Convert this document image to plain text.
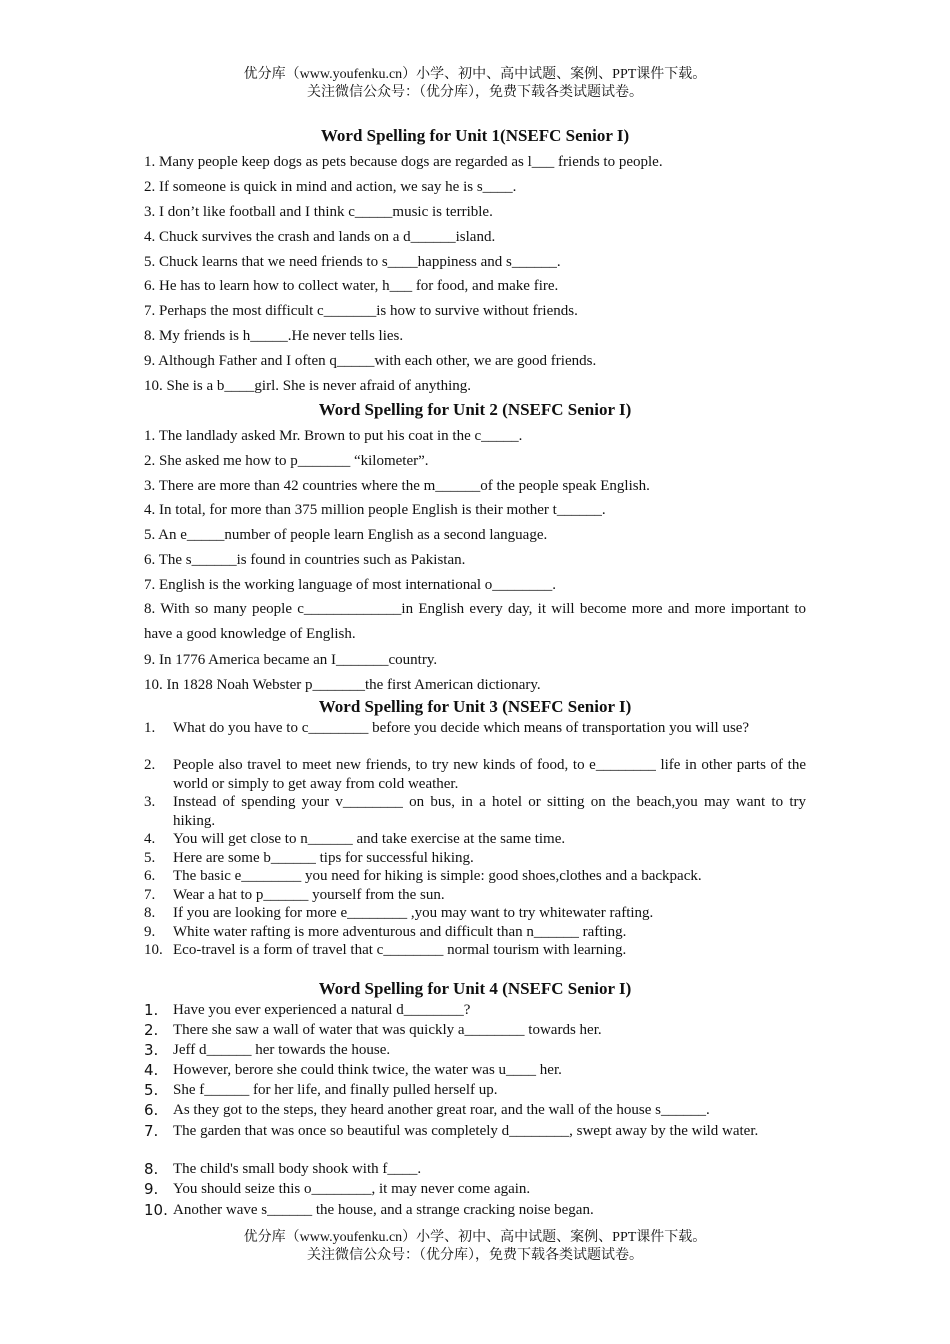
优分库（www.youfenku.cn）小学、初中、高中试题、案例、PPT课件下载。
关注微信公众号：（优分库），免费下载各类试题试卷。
Word Spelling for Unit 1(NSEFC Senior I)
1. Many people keep dogs as pets because dogs are regarded as l___ friends to people.
2. If someone is quick in mind and action, we say he is s____.
3. I don’t like football and I think c_____music is terrible.
4. Chuck survives the crash and lands on a d______island.
5. Chuck learns that we need friends to s____happiness and s______.
6. He has to learn how to collect water, h___ for food, and make fire.
7. Perhaps the most difficult c_______is how to survive without friends.
8. My friends is h_____.He never tells lies.
9. Although Father and I often q_____with each other, we are good friends.
10. She is a b____girl. She is never afraid of anything.
Word Spelling for Unit 2 (NSEFC Senior I)
1. The landlady asked Mr. Brown to put his coat in the c_____.
2. She asked me how to p_______ “kilometer”.
3. There are more than 42 countries where the m______of the people speak English.
4. In total, for more than 375 million people English is their mother t______.
5. An e_____number of people learn English as a second language.
6. The s______is found in countries such as Pakistan.
7. English is the working language of most international o________.
8. With so many people c_____________in English every day, it will become more and more important to have a good knowledge of English.
9. In 1776 America became an I_______country.
10. In 1828 Noah Webster p_______the first American dictionary.
Word Spelling for Unit 3 (NSEFC Senior I)
1. What do you have to c________ before you decide which means of transportation you will use?
2. People also travel to meet new friends, to try new kinds of food, to e________ life in other parts of the world or simply to get away from cold weather.
3. Instead of spending your v________ on bus, in a hotel or sitting on the beach,you may want to try hiking.
4. You will get close to n______ and take exercise at the same time.
5. Here are some b______ tips for successful hiking.
6. The basic e________ you need for hiking is simple: good shoes,clothes and a backpack.
7. Wear a hat to p______ yourself from the sun.
8. If you are looking for more e________ ,you may want to try whitewater rafting.
9. White water rafting is more adventurous and difficult than n______ rafting.
10. Eco-travel is a form of travel that c________ normal tourism with learning.
Word Spelling for Unit 4 (NSEFC Senior I)
1. Have you ever experienced a natural d________?
2. There she saw a wall of water that was quickly a________ towards her.
3. Jeff d______ her towards the house.
4. However, berore she could think twice, the water was u____ her.
5. She f______ for her life, and finally pulled herself up.
6. As they got to the steps, they heard another great roar, and the wall of the house s______.
7. The garden that was once so beautiful was completely d________, swept away by the wild water.
8. The child's small body shook with f____.
9. You should seize this o________, it may never come again.
10. Another wave s______ the house, and a strange cracking noise began.
优分库（www.youfenku.cn）小学、初中、高中试题、案例、PPT课件下载。
关注微信公众号：（优分库），免费下载各类试题试卷。
